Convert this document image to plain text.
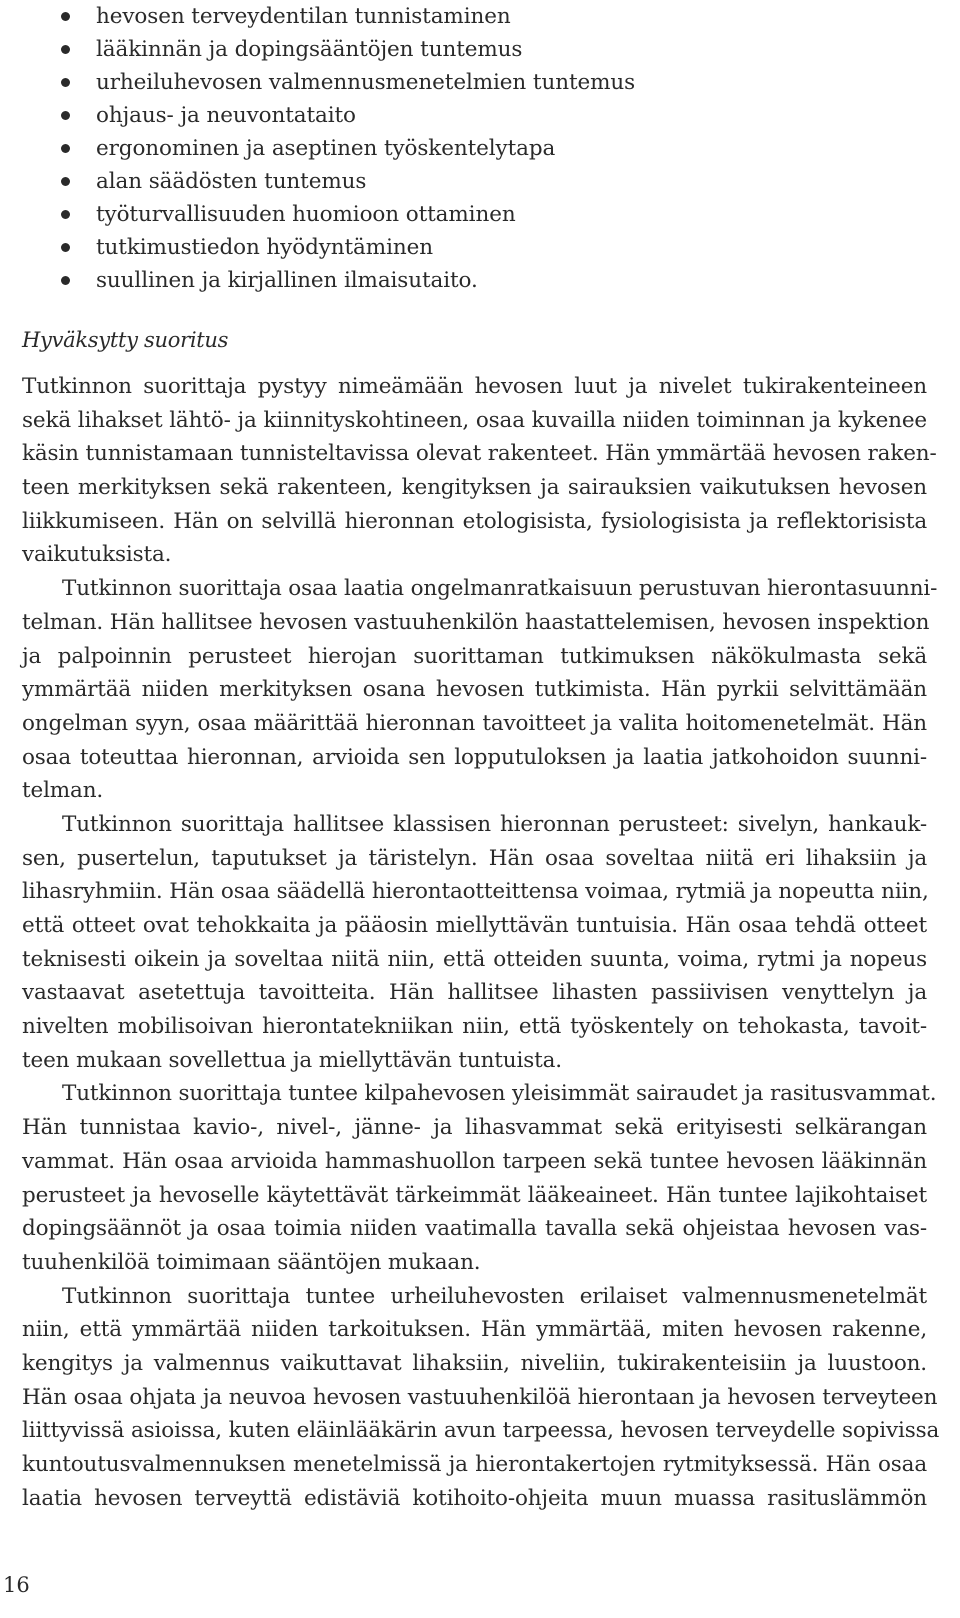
hevosen terveydentilan tunnistaminen
lääkinnän ja dopingsääntöjen tuntemus
urheiluhevosen valmennusmenetelmien tuntemus
ohjaus- ja neuvontataito
ergonominen ja aseptinen työskentelytapa
alan säädösten tuntemus
työturvallisuuden huomioon ottaminen
tutkimustiedon hyödyntäminen
suullinen ja kirjallinen ilmaisutaito.
Hyväksytty suoritus
Tutkinnon suorittaja pystyy nimeämään hevosen luut ja nivelet tukirakenteineen
sekä lihakset lähtö- ja kiinnityskohtineen, osaa kuvailla niiden toiminnan ja kykenee
käsin tunnistamaan tunnisteltavissa olevat rakenteet. Hän ymmärtää hevosen raken-
teen merkityksen sekä rakenteen, kengityksen ja sairauksien vaikutuksen hevosen
liikkumiseen. Hän on selvillä hieronnan etologisista, fysiologisista ja reflektorisista
vaikutuksista.
Tutkinnon suorittaja osaa laatia ongelmanratkaisuun perustuvan hierontasuunni-
telman. Hän hallitsee hevosen vastuuhenkilön haastattelemisen, hevosen inspektion
ja palpoinnin perusteet hierojan suorittaman tutkimuksen näkökulmasta sekä
ymmärtää niiden merkityksen osana hevosen tutkimista. Hän pyrkii selvittämään
ongelman syyn, osaa määrittää hieronnan tavoitteet ja valita hoitomenetelmät. Hän
osaa toteuttaa hieronnan, arvioida sen lopputuloksen ja laatia jatkohoidon suunni-
telman.
Tutkinnon suorittaja hallitsee klassisen hieronnan perusteet: sivelyn, hankauk-
sen, pusertelun, taputukset ja täristelyn. Hän osaa soveltaa niitä eri lihaksiin ja
lihasryhmiin. Hän osaa säädellä hierontaotteittensa voimaa, rytmiä ja nopeutta niin,
että otteet ovat tehokkaita ja pääosin miellyttävän tuntuisia. Hän osaa tehdä otteet
teknisesti oikein ja soveltaa niitä niin, että otteiden suunta, voima, rytmi ja nopeus
vastaavat asetettuja tavoitteita. Hän hallitsee lihasten passiivisen venyttelyn ja
nivelten mobilisoivan hierontatekniikan niin, että työskentely on tehokasta, tavoit-
teen mukaan sovellettua ja miellyttävän tuntuista.
Tutkinnon suorittaja tuntee kilpahevosen yleisimmät sairaudet ja rasitusvammat.
Hän tunnistaa kavio-, nivel-, jänne- ja lihasvammat sekä erityisesti selkärangan
vammat. Hän osaa arvioida hammashuollon tarpeen sekä tuntee hevosen lääkinnän
perusteet ja hevoselle käytettävät tärkeimmät lääkeaineet. Hän tuntee lajikohtaiset
dopingsäännöt ja osaa toimia niiden vaatimalla tavalla sekä ohjeistaa hevosen vas-
tuuhenkilöä toimimaan sääntöjen mukaan.
Tutkinnon suorittaja tuntee urheiluhevosten erilaiset valmennusmenetelmät
niin, että ymmärtää niiden tarkoituksen. Hän ymmärtää, miten hevosen rakenne,
kengitys ja valmennus vaikuttavat lihaksiin, niveliin, tukirakenteisiin ja luustoon.
Hän osaa ohjata ja neuvoa hevosen vastuuhenkilöä hierontaan ja hevosen terveyteen
liittyvissä asioissa, kuten eläinlääkärin avun tarpeessa, hevosen terveydelle sopivissa
kuntoutusvalmennuksen menetelmissä ja hierontakertojen rytmityksessä. Hän osaa
laatia hevosen terveyttä edistäviä kotihoito-ohjeita muun muassa rasituslämmön
16
